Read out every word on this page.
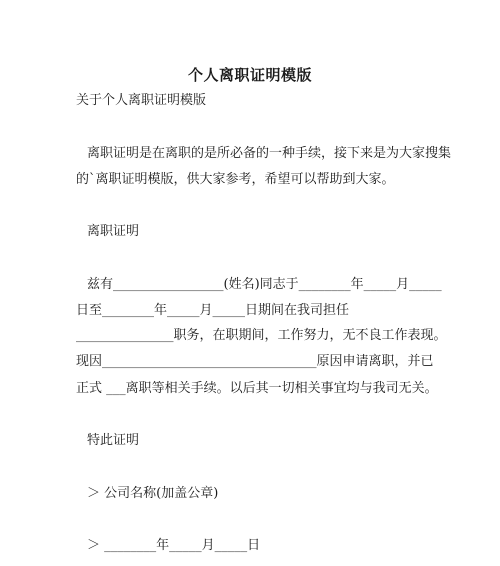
个人离职证明模版
关于个人离职证明模版
离职证明是在离职的是所必备的一种手续，接下来是为大家搜集
的`离职证明模版，供大家参考，希望可以帮助到大家。
离职证明
兹有_________________(姓名)同志于________年_____月_____
日至________年_____月_____日期间在我司担任
_______________职务，在职期间，工作努力，无不良工作表现。
现因_________________________________原因申请离职，并已
正式 ___离职等相关手续。以后其一切相关事宜均与我司无关。
特此证明
＞ 公司名称(加盖公章)
＞ ________年_____月_____日
